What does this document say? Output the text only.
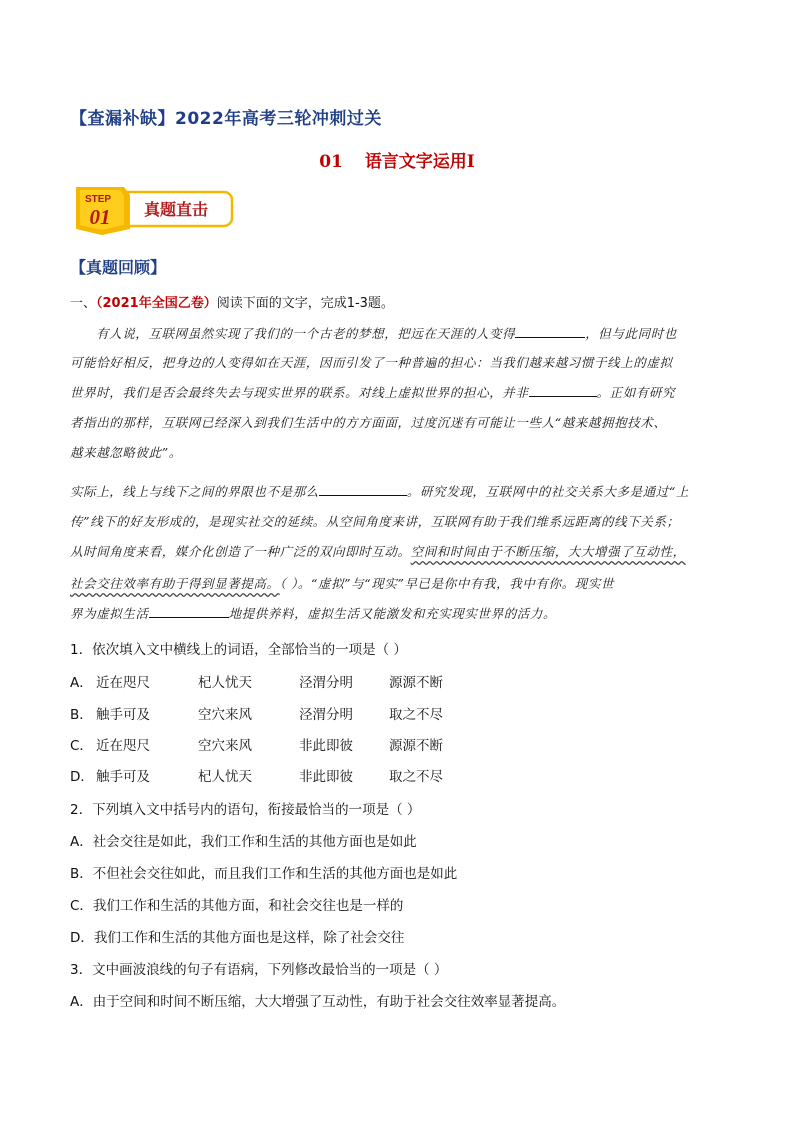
【查漏补缺】2022年高考三轮冲刺过关
01 语言文字运用Ⅰ
STEP
01 真题直击
【真题回顾】
一、（2021年全国乙卷）阅读下面的文字，完成1-3题。
有人说，互联网虽然实现了我们的一个古老的梦想，把远在天涯的人变得	，但与此同时也
可能恰好相反，把身边的人变得如在天涯，因而引发了一种普遍的担心：当我们越来越习惯于线上的虚拟
世界时，我们是否会最终失去与现实世界的联系。对线上虚拟世界的担心，并非	。正如有研究
者指出的那样，互联网已经深入到我们生活中的方方面面，过度沉迷有可能让一些人“越来越拥抱技术、
越来越忽略彼此”。
实际上，线上与线下之间的界限也不是那么	。研究发现，互联网中的社交关系大多是通过“上
传”线下的好友形成的，是现实社交的延续。从空间角度来讲，互联网有助于我们维系远距离的线下关系；
从时间角度来看，媒介化创造了一种广泛的双向即时互动。空间和时间由于不断压缩，大大增强了互动性，
社会交往效率有助于得到显著提高。（ ）。“虚拟”与“现实”早已是你中有我，我中有你。现实世
界为虚拟生活	地提供养料，虚拟生活又能激发和充实现实世界的活力。
1．依次填入文中横线上的词语，全部恰当的一项是（ ）
A． 近在咫尺	杞人忧天	泾渭分明	源源不断
B． 触手可及	空穴来风	泾渭分明	取之不尽
C． 近在咫尺	空穴来风	非此即彼	源源不断
D． 触手可及	杞人忧天	非此即彼	取之不尽
2．下列填入文中括号内的语句，衔接最恰当的一项是（ ）
A．社会交往是如此，我们工作和生活的其他方面也是如此
B．不但社会交往如此，而且我们工作和生活的其他方面也是如此
C．我们工作和生活的其他方面，和社会交往也是一样的
D．我们工作和生活的其他方面也是这样，除了社会交往
3．文中画波浪线的句子有语病，下列修改最恰当的一项是（ ）
A．由于空间和时间不断压缩，大大增强了互动性，有助于社会交往效率显著提高。
